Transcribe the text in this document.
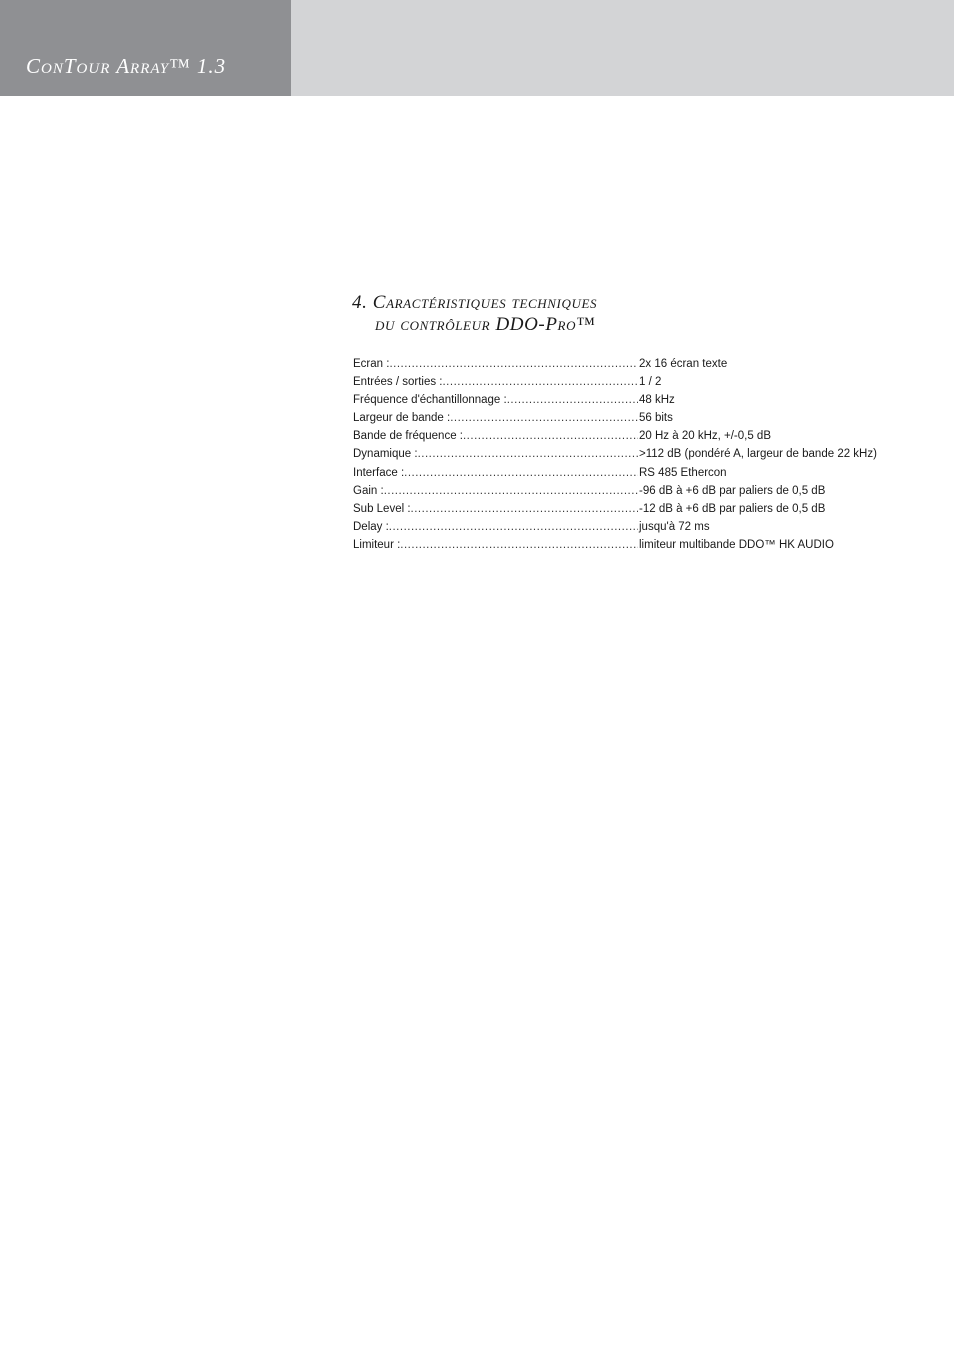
ConTour Array™ 1.3
4. Caractéristiques techniques
du contrôleur DDO-Pro™
Ecran : .....	2x 16 écran texte
Entrées / sorties : .....	1 / 2
Fréquence d'échantillonnage : .....	48 kHz
Largeur de bande : .....	56 bits
Bande de fréquence : .....	20 Hz à 20 kHz, +/-0,5 dB
Dynamique : .....	>112 dB (pondéré A, largeur de bande 22 kHz)
Interface : .....	RS 485 Ethercon
Gain : .....	-96 dB à +6 dB par paliers de 0,5 dB
Sub Level : .....	-12 dB à +6 dB par paliers de 0,5 dB
Delay : .....	jusqu'à 72 ms
Limiteur : .....	limiteur multibande DDO™ HK AUDIO
